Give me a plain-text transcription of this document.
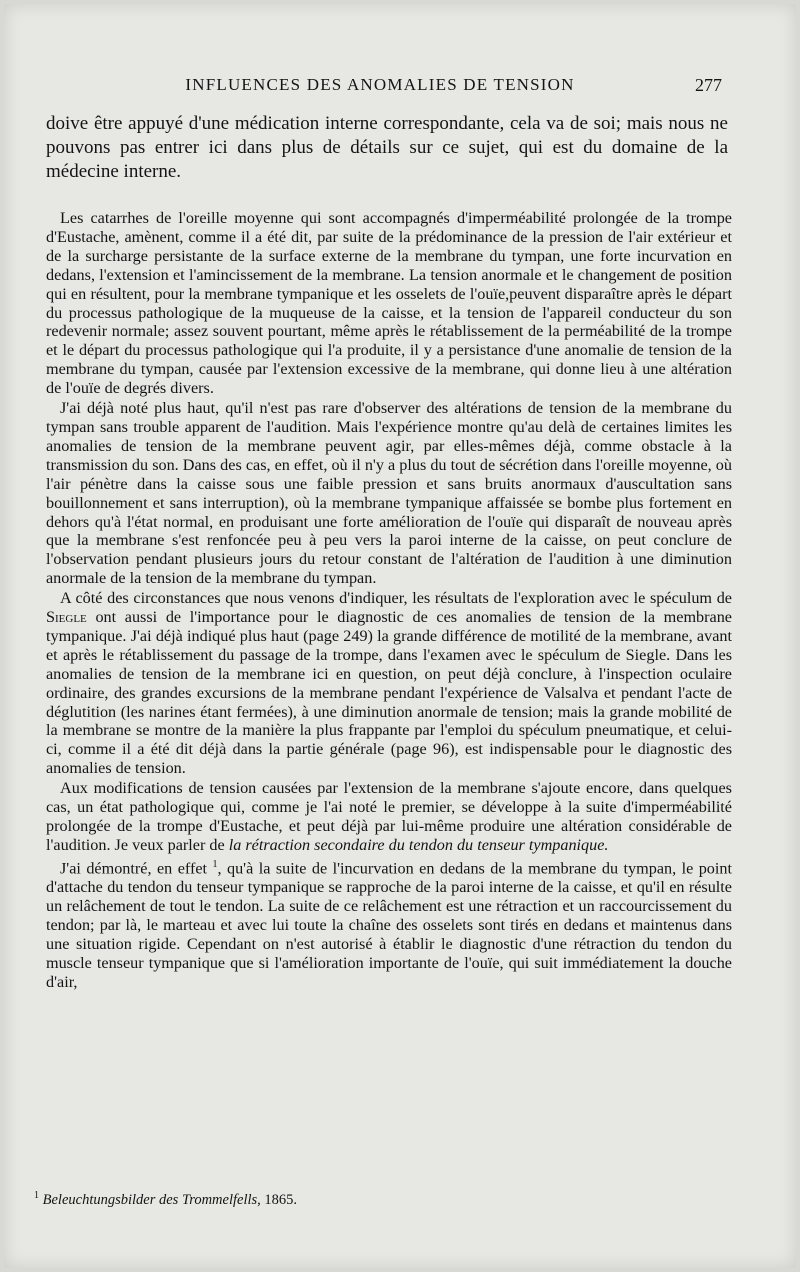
INFLUENCES DES ANOMALIES DE TENSION	277
doive être appuyé d'une médication interne correspondante, cela va de soi; mais nous ne pouvons pas entrer ici dans plus de détails sur ce sujet, qui est du domaine de la médecine interne.

Les catarrhes de l'oreille moyenne qui sont accompagnés d'imperméabilité prolongée de la trompe d'Eustache, amènent, comme il a été dit, par suite de la prédominance de la pression de l'air extérieur et de la surcharge persistante de la surface externe de la membrane du tympan, une forte incurvation en dedans, l'extension et l'amincissement de la membrane. La tension anormale et le changement de position qui en résultent, pour la membrane tympanique et les osselets de l'ouïe,peuvent disparaître après le départ du processus pathologique de la muqueuse de la caisse, et la tension de l'appareil conducteur du son redevenir normale; assez souvent pourtant, même après le rétablissement de la perméabilité de la trompe et le départ du processus pathologique qui l'a produite, il y a persistance d'une anomalie de tension de la membrane du tympan, causée par l'extension excessive de la membrane, qui donne lieu à une altération de l'ouïe de degrés divers.

J'ai déjà noté plus haut, qu'il n'est pas rare d'observer des altérations de tension de la membrane du tympan sans trouble apparent de l'audition. Mais l'expérience montre qu'au delà de certaines limites les anomalies de tension de la membrane peuvent agir, par elles-mêmes déjà, comme obstacle à la transmission du son. Dans des cas, en effet, où il n'y a plus du tout de sécrétion dans l'oreille moyenne, où l'air pénètre dans la caisse sous une faible pression et sans bruits anormaux d'auscultation sans bouillonnement et sans interruption), où la membrane tympanique affaissée se bombe plus fortement en dehors qu'à l'état normal, en produisant une forte amélioration de l'ouïe qui disparaît de nouveau après que la membrane s'est renfoncée peu à peu vers la paroi interne de la caisse, on peut conclure de l'observation pendant plusieurs jours du retour constant de l'altération de l'audition à une diminution anormale de la tension de la membrane du tympan.

A côté des circonstances que nous venons d'indiquer, les résultats de l'exploration avec le spéculum de Siegle ont aussi de l'importance pour le diagnostic de ces anomalies de tension de la membrane tympanique. J'ai déjà indiqué plus haut (page 249) la grande différence de motilité de la membrane, avant et après le rétablissement du passage de la trompe, dans l'examen avec le spéculum de Siegle. Dans les anomalies de tension de la membrane ici en question, on peut déjà conclure, à l'inspection oculaire ordinaire, des grandes excursions de la membrane pendant l'expérience de Valsalva et pendant l'acte de déglutition (les narines étant fermées), à une diminution anormale de tension; mais la grande mobilité de la membrane se montre de la manière la plus frappante par l'emploi du spéculum pneumatique, et celui-ci, comme il a été dit déjà dans la partie générale (page 96), est indispensable pour le diagnostic des anomalies de tension.

Aux modifications de tension causées par l'extension de la membrane s'ajoute encore, dans quelques cas, un état pathologique qui, comme je l'ai noté le premier, se développe à la suite d'imperméabilité prolongée de la trompe d'Eustache, et peut déjà par lui-même produire une altération considérable de l'audition. Je veux parler de la rétraction secondaire du tendon du tenseur tympanique.

J'ai démontré, en effet $^1$, qu'à la suite de l'incurvation en dedans de la membrane du tympan, le point d'attache du tendon du tenseur tympanique se rapproche de la paroi interne de la caisse, et qu'il en résulte un relâchement de tout le tendon. La suite de ce relâchement est une rétraction et un raccourcissement du tendon; par là, le marteau et avec lui toute la chaîne des osselets sont tirés en dedans et maintenus dans une situation rigide. Cependant on n'est autorisé à établir le diagnostic d'une rétraction du tendon du muscle tenseur tympanique que si l'amélioration importante de l'ouïe, qui suit immédiatement la douche d'air,

$^1$ Beleuchtungsbilder des Trommelfells, 1865.
